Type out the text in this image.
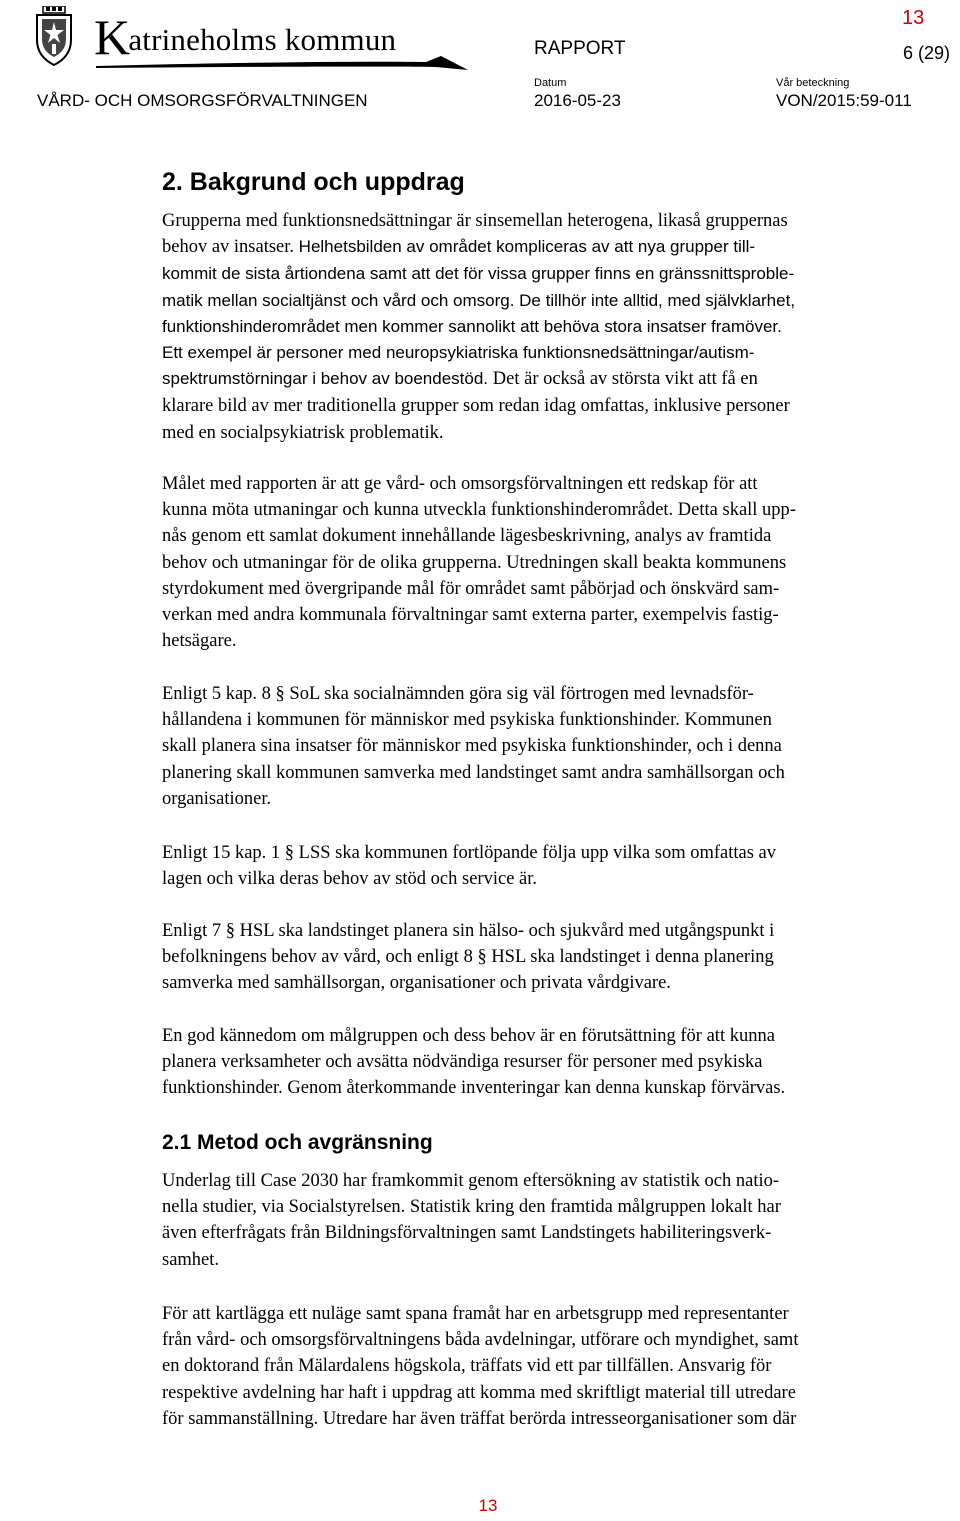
Katrineholms kommun
13
RAPPORT	6 (29)
Datum	Vår beteckning
VÅRD- OCH OMSORGSFÖRVALTNINGEN	2016-05-23	VON/2015:59-011
2. Bakgrund och uppdrag
Grupperna med funktionsnedsättningar är sinsemellan heterogena, likaså gruppernas
behov av insatser. Helhetsbilden av området kompliceras av att nya grupper till-
kommit de sista årtiondena samt att det för vissa grupper finns en gränssnittsproble-
matik mellan socialtjänst och vård och omsorg. De tillhör inte alltid, med självklarhet,
funktionshinderområdet men kommer sannolikt att behöva stora insatser framöver.
Ett exempel är personer med neuropsykiatriska funktionsnedsättningar/autism-
spektrumstörningar i behov av boendestöd. Det är också av största vikt att få en
klarare bild av mer traditionella grupper som redan idag omfattas, inklusive personer
med en socialpsykiatrisk problematik.
Målet med rapporten är att ge vård- och omsorgsförvaltningen ett redskap för att
kunna möta utmaningar och kunna utveckla funktionshinderområdet. Detta skall upp-
nås genom ett samlat dokument innehållande lägesbeskrivning, analys av framtida
behov och utmaningar för de olika grupperna. Utredningen skall beakta kommunens
styrdokument med övergripande mål för området samt påbörjad och önskvärd sam-
verkan med andra kommunala förvaltningar samt externa parter, exempelvis fastig-
hetsägare.
Enligt 5 kap. 8 § SoL ska socialnämnden göra sig väl förtrogen med levnadsför-
hållandena i kommunen för människor med psykiska funktionshinder. Kommunen
skall planera sina insatser för människor med psykiska funktionshinder, och i denna
planering skall kommunen samverka med landstinget samt andra samhällsorgan och
organisationer.
Enligt 15 kap. 1 § LSS ska kommunen fortlöpande följa upp vilka som omfattas av
lagen och vilka deras behov av stöd och service är.
Enligt 7 § HSL ska landstinget planera sin hälso- och sjukvård med utgångspunkt i
befolkningens behov av vård, och enligt 8 § HSL ska landstinget i denna planering
samverka med samhällsorgan, organisationer och privata vårdgivare.
En god kännedom om målgruppen och dess behov är en förutsättning för att kunna
planera verksamheter och avsätta nödvändiga resurser för personer med psykiska
funktionshinder. Genom återkommande inventeringar kan denna kunskap förvärvas.
2.1 Metod och avgränsning
Underlag till Case 2030 har framkommit genom eftersökning av statistik och natio-
nella studier, via Socialstyrelsen. Statistik kring den framtida målgruppen lokalt har
även efterfrågats från Bildningsförvaltningen samt Landstingets habiliteringsverk-
samhet.
För att kartlägga ett nuläge samt spana framåt har en arbetsgrupp med representanter
från vård- och omsorgsförvaltningens båda avdelningar, utförare och myndighet, samt
en doktorand från Mälardalens högskola, träffats vid ett par tillfällen. Ansvarig för
respektive avdelning har haft i uppdrag att komma med skriftligt material till utredare
för sammanställning. Utredare har även träffat berörda intresseorganisationer som där
13
